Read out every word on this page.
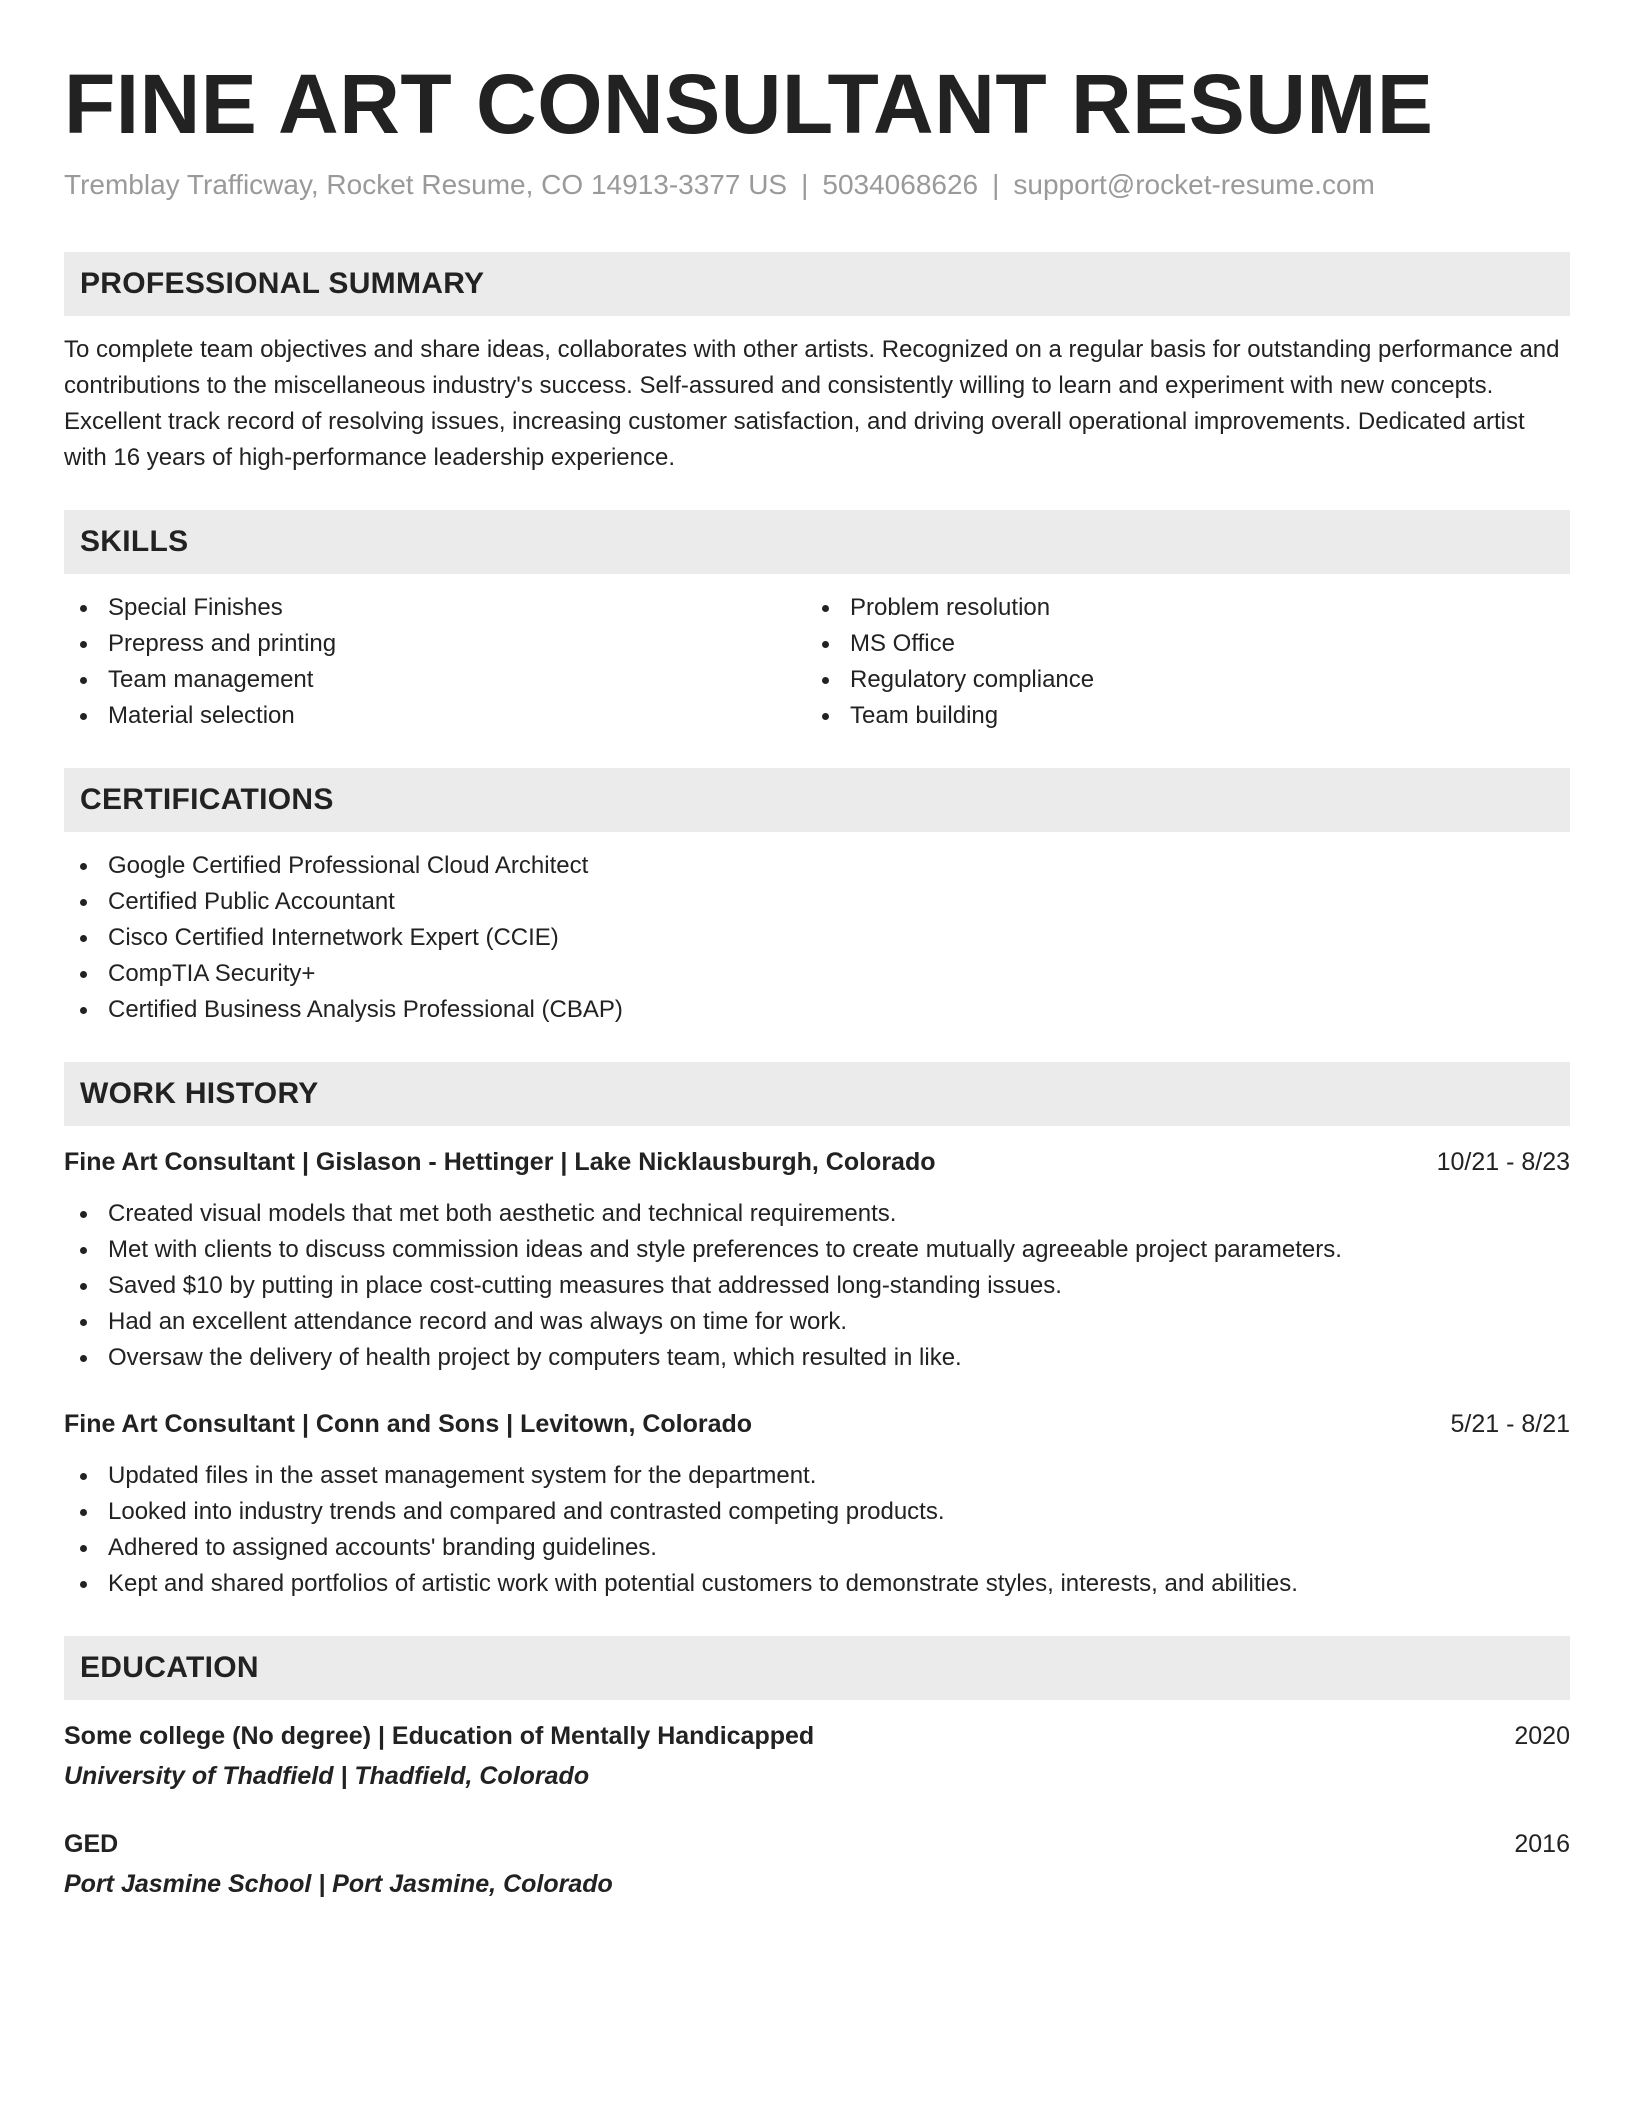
FINE ART CONSULTANT RESUME
Tremblay Trafficway, Rocket Resume, CO 14913-3377 US | 5034068626 | support@rocket-resume.com
PROFESSIONAL SUMMARY
To complete team objectives and share ideas, collaborates with other artists. Recognized on a regular basis for outstanding performance and contributions to the miscellaneous industry's success. Self-assured and consistently willing to learn and experiment with new concepts. Excellent track record of resolving issues, increasing customer satisfaction, and driving overall operational improvements. Dedicated artist with 16 years of high-performance leadership experience.
SKILLS
Special Finishes
Prepress and printing
Team management
Material selection
Problem resolution
MS Office
Regulatory compliance
Team building
CERTIFICATIONS
Google Certified Professional Cloud Architect
Certified Public Accountant
Cisco Certified Internetwork Expert (CCIE)
CompTIA Security+
Certified Business Analysis Professional (CBAP)
WORK HISTORY
Fine Art Consultant | Gislason - Hettinger | Lake Nicklausburgh, Colorado	10/21 - 8/23
Created visual models that met both aesthetic and technical requirements.
Met with clients to discuss commission ideas and style preferences to create mutually agreeable project parameters.
Saved $10 by putting in place cost-cutting measures that addressed long-standing issues.
Had an excellent attendance record and was always on time for work.
Oversaw the delivery of health project by computers team, which resulted in like.
Fine Art Consultant | Conn and Sons | Levitown, Colorado	5/21 - 8/21
Updated files in the asset management system for the department.
Looked into industry trends and compared and contrasted competing products.
Adhered to assigned accounts' branding guidelines.
Kept and shared portfolios of artistic work with potential customers to demonstrate styles, interests, and abilities.
EDUCATION
Some college (No degree) | Education of Mentally Handicapped	2020
University of Thadfield | Thadfield, Colorado
GED	2016
Port Jasmine School | Port Jasmine, Colorado
